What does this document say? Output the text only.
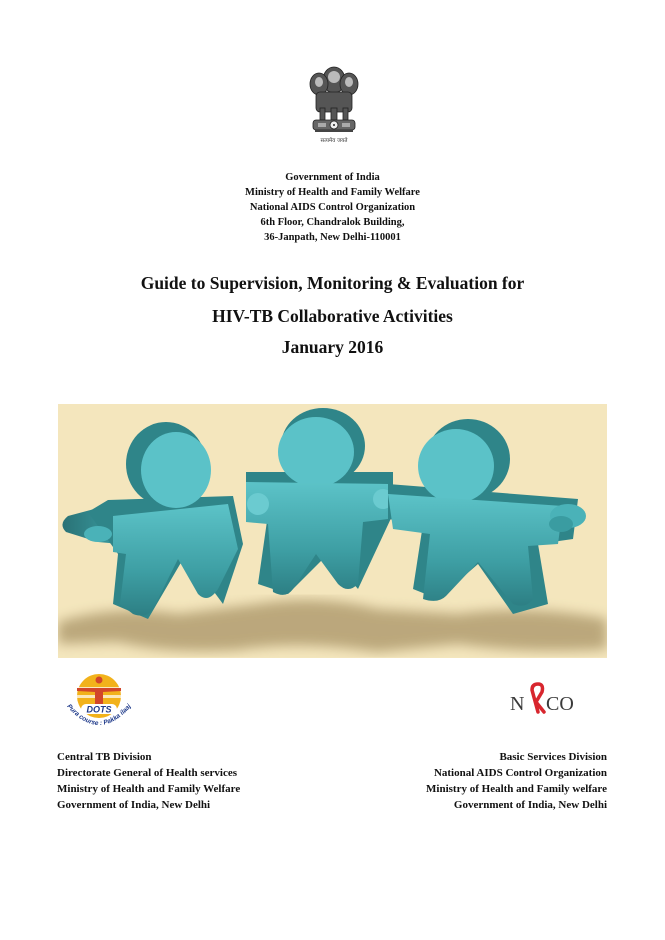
सत्यमेव जयते
Government of India
Ministry of Health and Family Welfare
National AIDS Control Organization
6th Floor, Chandralok Building,
36-Janpath, New Delhi-110001
Guide to Supervision, Monitoring & Evaluation for
HIV-TB Collaborative Activities
January 2016
DOTS
Pura course : Pakka ilaaj	N CO
Central TB Division
Directorate General of Health services
Ministry of Health and Family Welfare
Government of India, New Delhi
Basic Services Division
National AIDS Control Organization
Ministry of Health and Family welfare
Government of India, New Delhi
